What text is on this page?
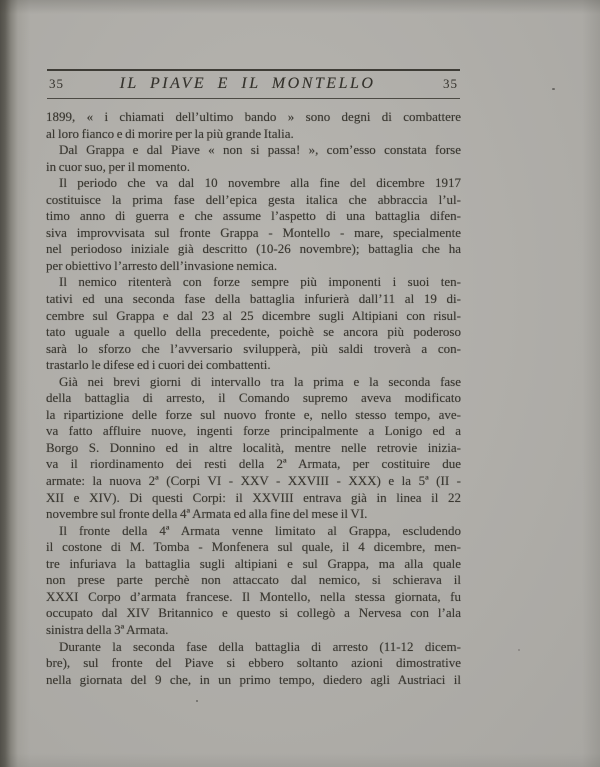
35	IL PIAVE E IL MONTELLO	35
1899, « i chiamati dell’ultimo bando » sono degni di combattere
al loro fianco e di morire per la più grande Italia.
Dal Grappa e dal Piave « non si passa! », com’esso constata forse
in cuor suo, per il momento.
Il periodo che va dal 10 novembre alla fine del dicembre 1917
costituisce la prima fase dell’epica gesta italica che abbraccia l’ul-
timo anno di guerra e che assume l’aspetto di una battaglia difen-
siva improvvisata sul fronte Grappa - Montello - mare, specialmente
nel periodoso iniziale già descritto (10-26 novembre); battaglia che ha
per obiettivo l’arresto dell’invasione nemica.
Il nemico ritenterà con forze sempre più imponenti i suoi ten-
tativi ed una seconda fase della battaglia infurierà dall’11 al 19 di-
cembre sul Grappa e dal 23 al 25 dicembre sugli Altipiani con risul-
tato uguale a quello della precedente, poichè se ancora più poderoso
sarà lo sforzo che l’avversario svilupperà, più saldi troverà a con-
trastarlo le difese ed i cuori dei combattenti.
Già nei brevi giorni di intervallo tra la prima e la seconda fase
della battaglia di arresto, il Comando supremo aveva modificato
la ripartizione delle forze sul nuovo fronte e, nello stesso tempo, ave-
va fatto affluire nuove, ingenti forze principalmente a Lonigo ed a
Borgo S. Donnino ed in altre località, mentre nelle retrovie inizia-
va il riordinamento dei resti della 2ª Armata, per costituire due
armate: la nuova 2ª (Corpi VI - XXV - XXVIII - XXX) e la 5ª (II -
XII e XIV). Di questi Corpi: il XXVIII entrava già in linea il 22
novembre sul fronte della 4ª Armata ed alla fine del mese il VI.
Il fronte della 4ª Armata venne limitato al Grappa, escludendo
il costone di M. Tomba - Monfenera sul quale, il 4 dicembre, men-
tre infuriava la battaglia sugli altipiani e sul Grappa, ma alla quale
non prese parte perchè non attaccato dal nemico, si schierava il
XXXI Corpo d’armata francese. Il Montello, nella stessa giornata, fu
occupato dal XIV Britannico e questo si collegò a Nervesa con l’ala
sinistra della 3ª Armata.
Durante la seconda fase della battaglia di arresto (11-12 dicem-
bre), sul fronte del Piave si ebbero soltanto azioni dimostrative
nella giornata del 9 che, in un primo tempo, diedero agli Austriaci il
